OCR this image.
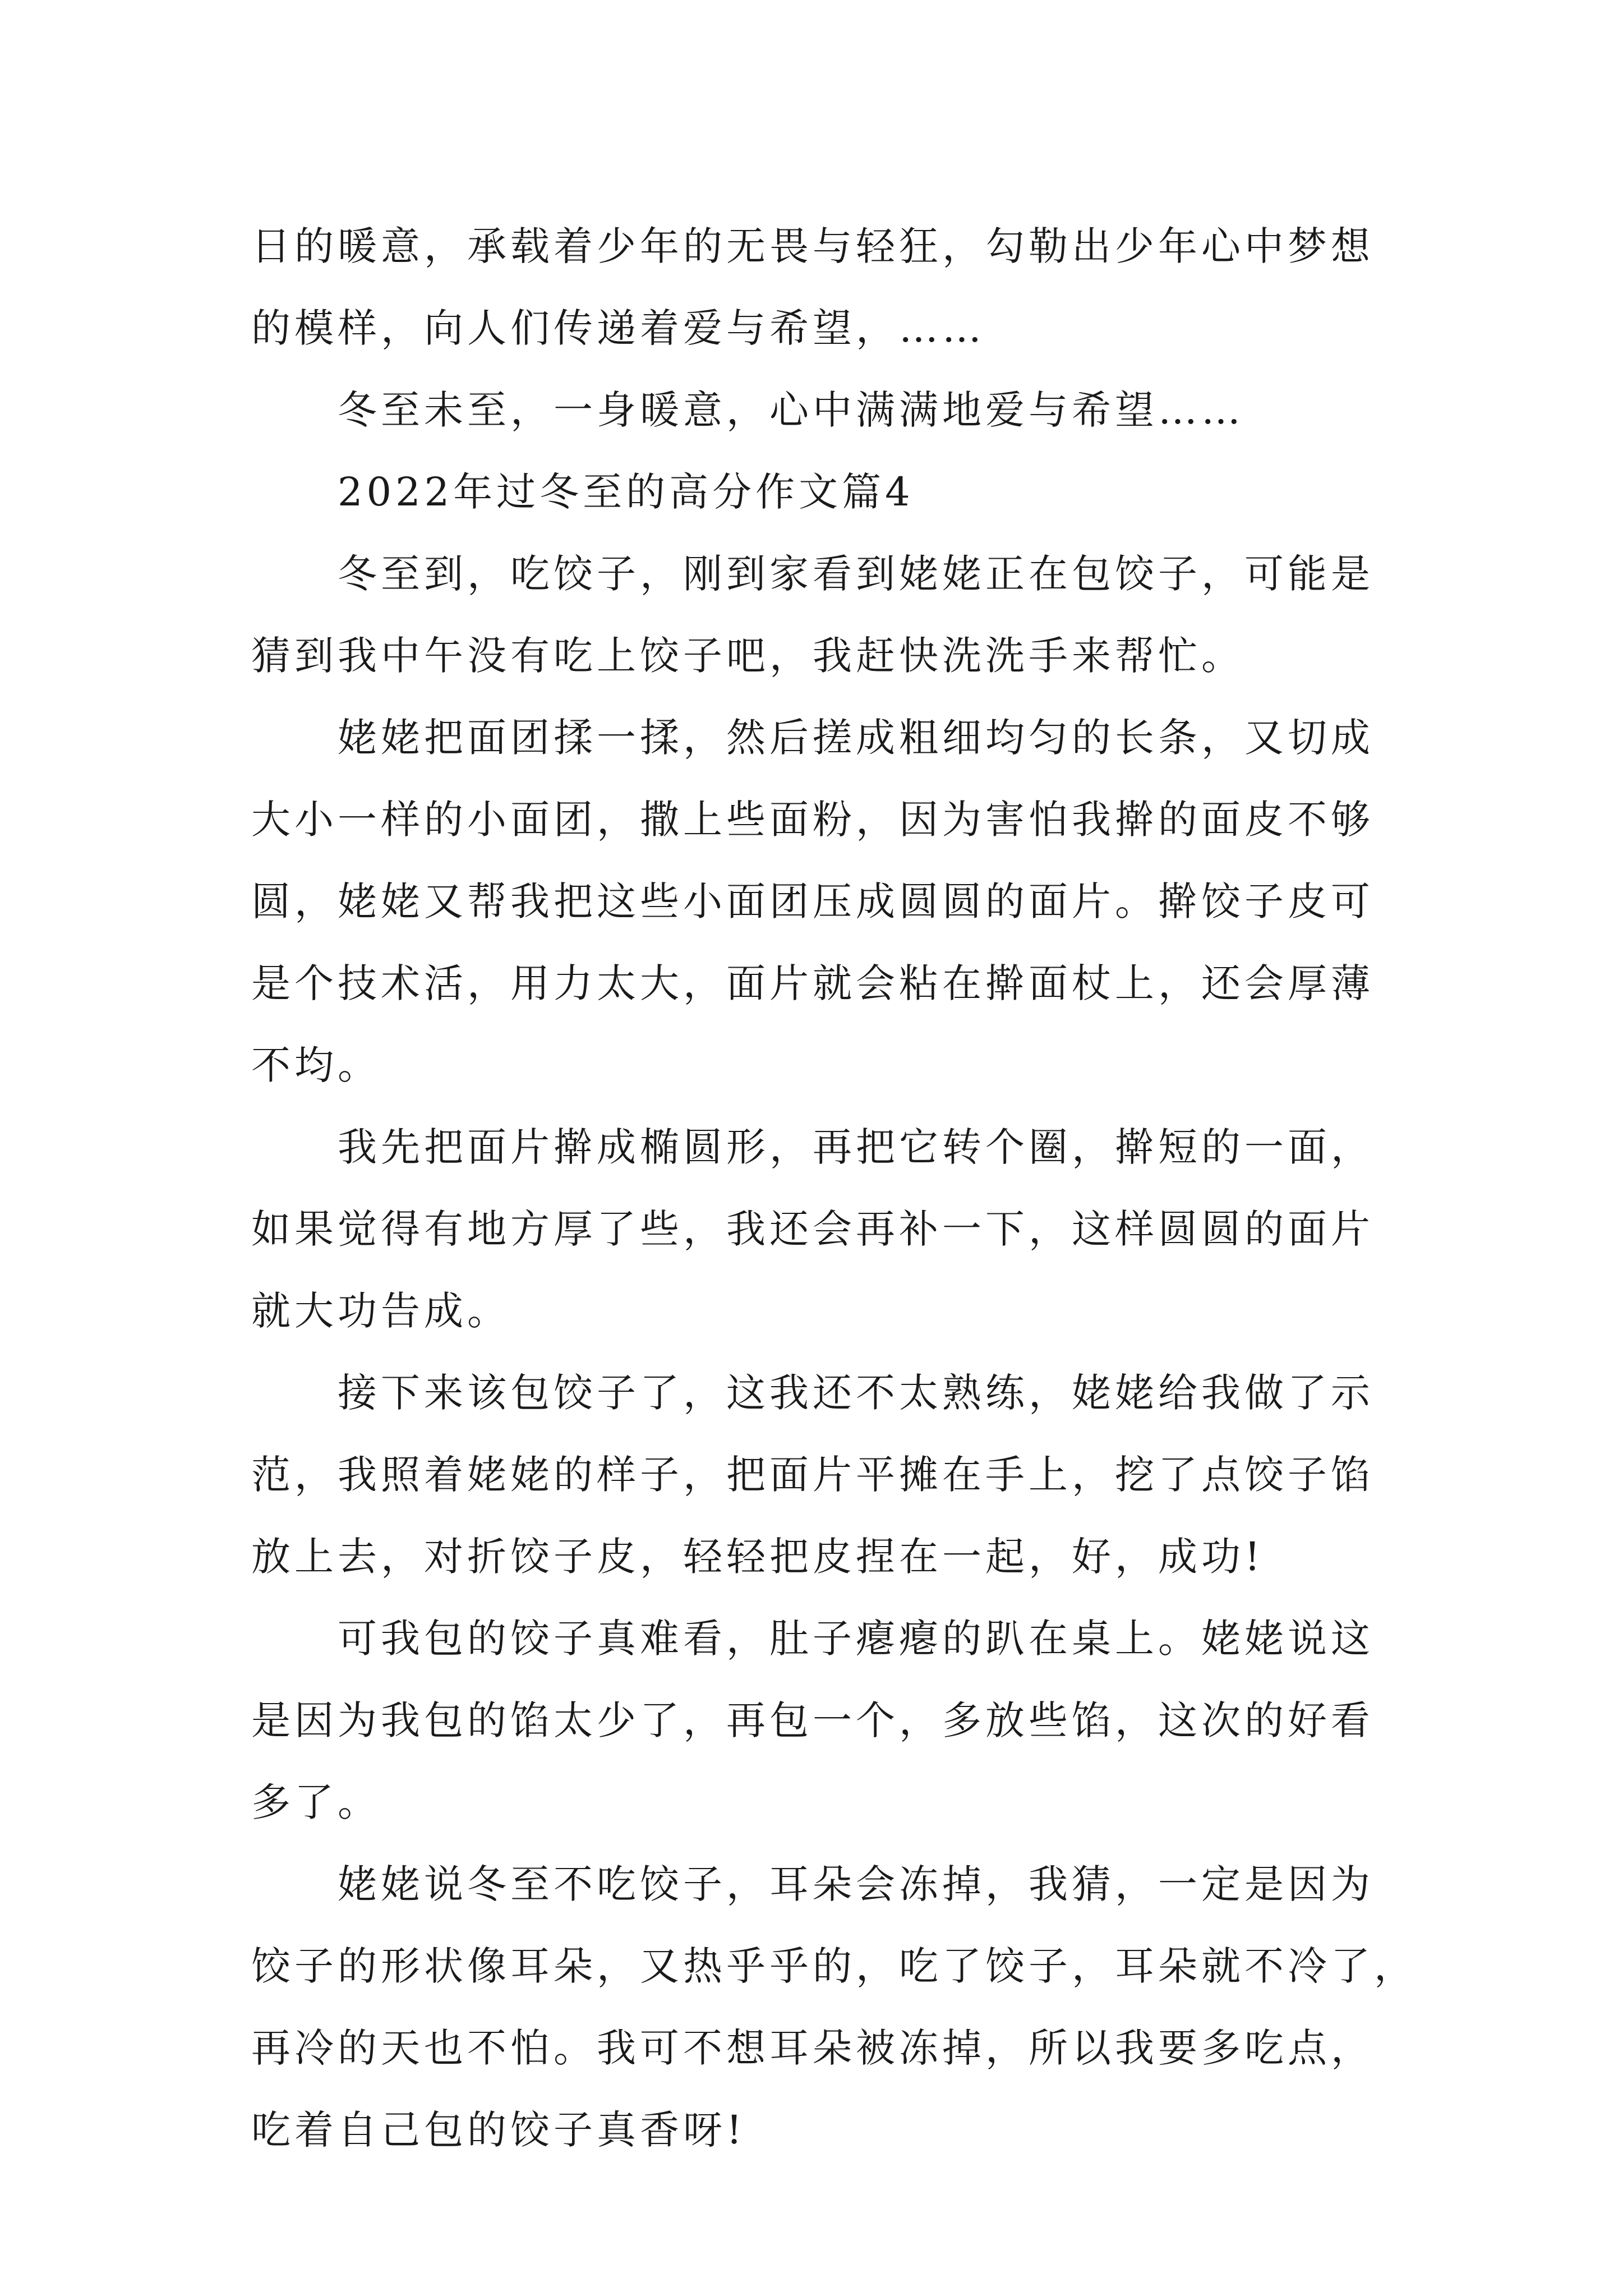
日的暖意，承载着少年的无畏与轻狂，勾勒出少年心中梦想
的模样，向人们传递着爱与希望，……
冬至未至，一身暖意，心中满满地爱与希望……
2022年过冬至的高分作文篇4
冬至到，吃饺子，刚到家看到姥姥正在包饺子，可能是
猜到我中午没有吃上饺子吧，我赶快洗洗手来帮忙。
姥姥把面团揉一揉，然后搓成粗细均匀的长条，又切成
大小一样的小面团，撒上些面粉，因为害怕我擀的面皮不够
圆，姥姥又帮我把这些小面团压成圆圆的面片。擀饺子皮可
是个技术活，用力太大，面片就会粘在擀面杖上，还会厚薄
不均。
我先把面片擀成椭圆形，再把它转个圈，擀短的一面，
如果觉得有地方厚了些，我还会再补一下，这样圆圆的面片
就大功告成。
接下来该包饺子了，这我还不太熟练，姥姥给我做了示
范，我照着姥姥的样子，把面片平摊在手上，挖了点饺子馅
放上去，对折饺子皮，轻轻把皮捏在一起，好，成功!
可我包的饺子真难看，肚子瘪瘪的趴在桌上。姥姥说这
是因为我包的馅太少了，再包一个，多放些馅，这次的好看
多了。
姥姥说冬至不吃饺子，耳朵会冻掉，我猜，一定是因为
饺子的形状像耳朵，又热乎乎的，吃了饺子，耳朵就不冷了，
再冷的天也不怕。我可不想耳朵被冻掉，所以我要多吃点，
吃着自己包的饺子真香呀!
